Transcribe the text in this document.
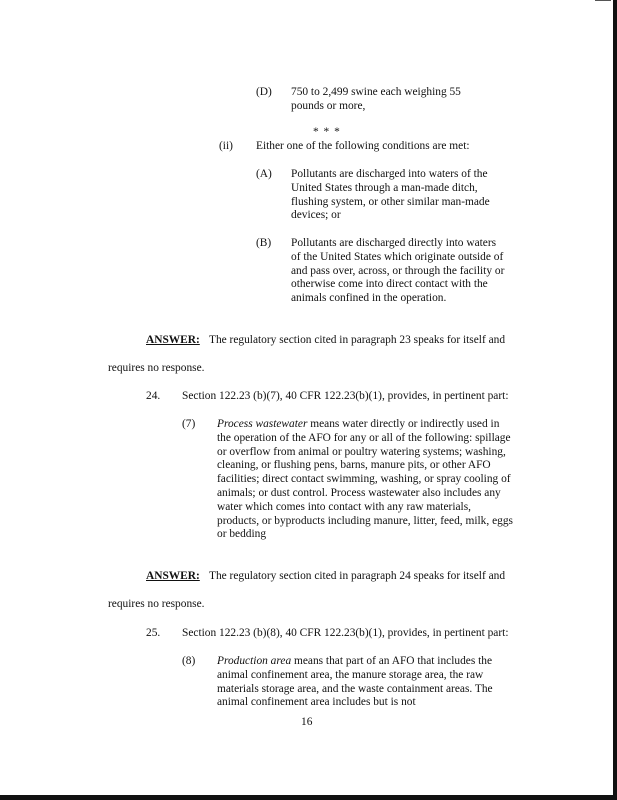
(D) 750 to 2,499 swine each weighing 55 pounds or more,
* * *
(ii) Either one of the following conditions are met:
(A) Pollutants are discharged into waters of the United States through a man-made ditch, flushing system, or other similar man-made devices; or
(B) Pollutants are discharged directly into waters of the United States which originate outside of and pass over, across, or through the facility or otherwise come into direct contact with the animals confined in the operation.
ANSWER: The regulatory section cited in paragraph 23 speaks for itself and
requires no response.
24. Section 122.23 (b)(7), 40 CFR 122.23(b)(1), provides, in pertinent part:
(7) Process wastewater means water directly or indirectly used in the operation of the AFO for any or all of the following: spillage or overflow from animal or poultry watering systems; washing, cleaning, or flushing pens, barns, manure pits, or other AFO facilities; direct contact swimming, washing, or spray cooling of animals; or dust control. Process wastewater also includes any water which comes into contact with any raw materials, products, or byproducts including manure, litter, feed, milk, eggs or bedding
ANSWER: The regulatory section cited in paragraph 24 speaks for itself and
requires no response.
25. Section 122.23 (b)(8), 40 CFR 122.23(b)(1), provides, in pertinent part:
(8) Production area means that part of an AFO that includes the animal confinement area, the manure storage area, the raw materials storage area, and the waste containment areas. The animal confinement area includes but is not
16
